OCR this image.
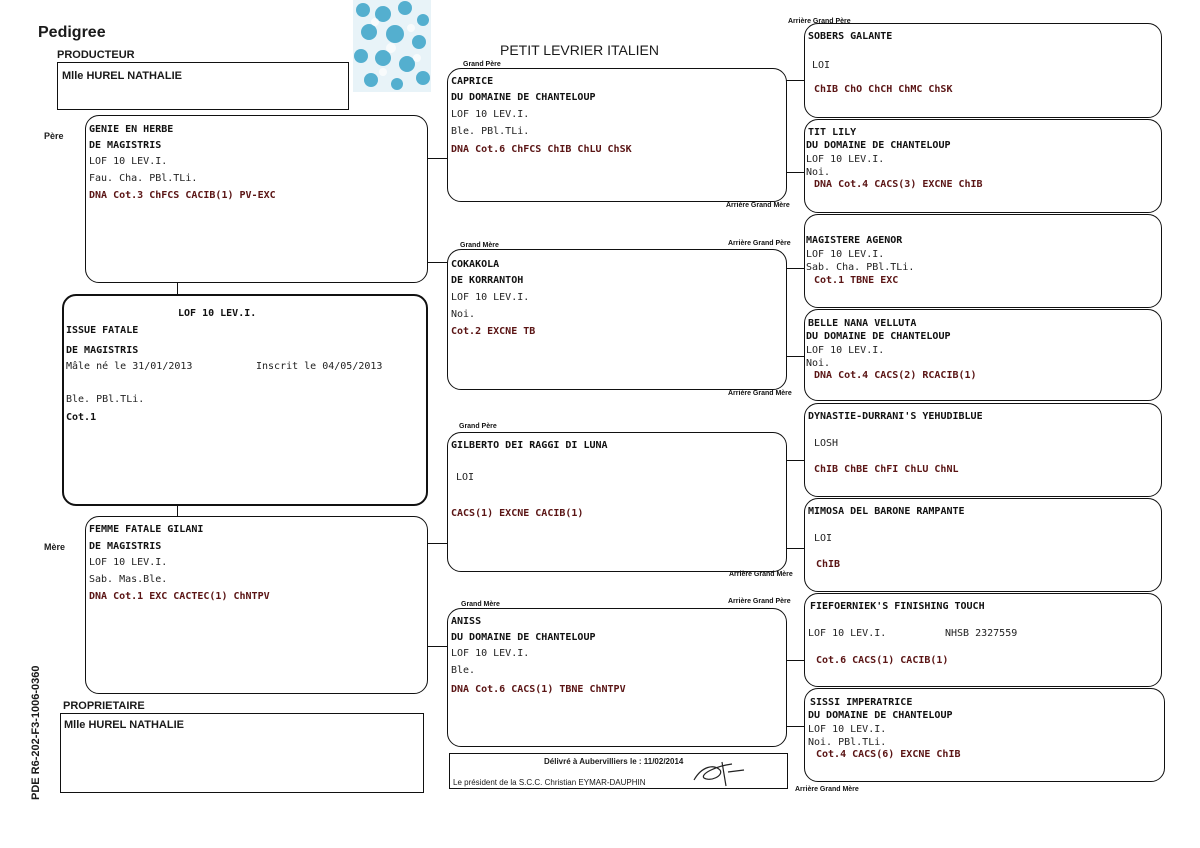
Pedigree
PRODUCTEUR
Mlle HUREL NATHALIE
PETIT LEVRIER ITALIEN
Père
Mère
GENIE EN HERBE
DE MAGISTRIS
LOF 10 LEV.I.
Fau. Cha. PBl.TLi.
DNA Cot.3 ChFCS CACIB(1) PV-EXC
LOF 10 LEV.I.
ISSUE FATALE
DE MAGISTRIS
Mâle né le 31/01/2013	Inscrit le 04/05/2013
Ble. PBl.TLi.
Cot.1
FEMME FATALE GILANI
DE MAGISTRIS
LOF 10 LEV.I.
Sab. Mas.Ble.
DNA Cot.1 EXC CACTEC(1) ChNTPV
PROPRIETAIRE
Mlle HUREL NATHALIE
PDE R6-202-F3-1006-0360
Grand Père
CAPRICE
DU DOMAINE DE CHANTELOUP
LOF 10 LEV.I.
Ble. PBl.TLi.
DNA Cot.6 ChFCS ChIB ChLU ChSK
Grand Mère	Arrière Grand Père
COKAKOLA
DE KORRANTOH
LOF 10 LEV.I.
Noi.
Cot.2 EXCNE TB
Grand Père
GILBERTO DEI RAGGI DI LUNA
LOI
CACS(1) EXCNE CACIB(1)
Grand Mère	Arrière Grand Père
ANISS
DU DOMAINE DE CHANTELOUP
LOF 10 LEV.I.
Ble.
DNA Cot.6 CACS(1) TBNE ChNTPV
Arrière Grand Mère
Arrière Grand Mère
Arrière Grand Mère
Arrière Grand Père
Arrière Grand Mère
SOBERS GALANTE
LOI
ChIB ChO ChCH ChMC ChSK
TIT LILY
DU DOMAINE DE CHANTELOUP
LOF 10 LEV.I.
Noi.
DNA Cot.4 CACS(3) EXCNE ChIB
MAGISTERE AGENOR
LOF 10 LEV.I.
Sab. Cha. PBl.TLi.
Cot.1 TBNE EXC
BELLE NANA VELLUTA
DU DOMAINE DE CHANTELOUP
LOF 10 LEV.I.
Noi.
DNA Cot.4 CACS(2) RCACIB(1)
DYNASTIE-DURRANI'S YEHUDIBLUE
LOSH
ChIB ChBE ChFI ChLU ChNL
MIMOSA DEL BARONE RAMPANTE
LOI
ChIB
FIEFOERNIEK'S FINISHING TOUCH
LOF 10 LEV.I.	NHSB 2327559
Cot.6 CACS(1) CACIB(1)
SISSI IMPERATRICE
DU DOMAINE DE CHANTELOUP
LOF 10 LEV.I.
Noi. PBl.TLi.
Cot.4 CACS(6) EXCNE ChIB
Délivré à Aubervilliers le : 11/02/2014
Le président de la S.C.C. Christian EYMAR-DAUPHIN
